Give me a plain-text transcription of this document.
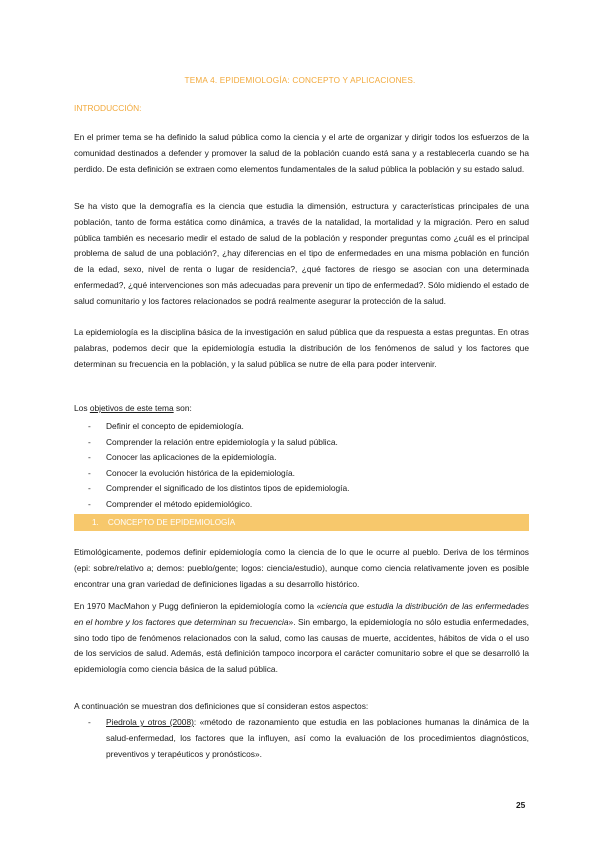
TEMA 4. EPIDEMIOLOGÍA: CONCEPTO Y APLICACIONES.
INTRODUCCIÓN:

En el primer tema se ha definido la salud pública como la ciencia y el arte de organizar y dirigir todos los esfuerzos de la comunidad destinados a defender y promover la salud de la población cuando está sana y a restablecerla cuando se ha perdido. De esta definición se extraen como elementos fundamentales de la salud pública la población y su estado salud.

Se ha visto que la demografía es la ciencia que estudia la dimensión, estructura y características principales de una población, tanto de forma estática como dinámica, a través de la natalidad, la mortalidad y la migración. Pero en salud pública también es necesario medir el estado de salud de la población y responder preguntas como ¿cuál es el principal problema de salud de una población?, ¿hay diferencias en el tipo de enfermedades en una misma población en función de la edad, sexo, nivel de renta o lugar de residencia?, ¿qué factores de riesgo se asocian con una determinada enfermedad?, ¿qué intervenciones son más adecuadas para prevenir un tipo de enfermedad?. Sólo midiendo el estado de salud comunitario y los factores relacionados se podrá realmente asegurar la protección de la salud.

La epidemiología es la disciplina básica de la investigación en salud pública que da respuesta a estas preguntas. En otras palabras, podemos decir que la epidemiología estudia la distribución de los fenómenos de salud y los factores que determinan su frecuencia en la población, y la salud pública se nutre de ella para poder intervenir.

Los objetivos de este tema son:
- Definir el concepto de epidemiología.
- Comprender la relación entre epidemiología y la salud pública.
- Conocer las aplicaciones de la epidemiología.
- Conocer la evolución histórica de la epidemiología.
- Comprender el significado de los distintos tipos de epidemiología.
- Comprender el método epidemiológico.
1.    CONCEPTO DE EPIDEMIOLOGÍA

Etimológicamente, podemos definir epidemiología como la ciencia de lo que le ocurre al pueblo. Deriva de los términos (epi: sobre/relativo a; demos: pueblo/gente; logos: ciencia/estudio), aunque como ciencia relativamente joven es posible encontrar una gran variedad de definiciones ligadas a su desarrollo histórico.

En 1970 MacMahon y Pugg definieron la epidemiología como la «ciencia que estudia la distribución de las enfermedades en el hombre y los factores que determinan su frecuencia». Sin embargo, la epidemiología no sólo estudia enfermedades, sino todo tipo de fenómenos relacionados con la salud, como las causas de muerte, accidentes, hábitos de vida o el uso de los servicios de salud. Además, está definición tampoco incorpora el carácter comunitario sobre el que se desarrolló la epidemiología como ciencia básica de la salud pública.

A continuación se muestran dos definiciones que sí consideran estos aspectos:

- Piedrola y otros (2008): «método de razonamiento que estudia en las poblaciones humanas la dinámica de la salud-enfermedad, los factores que la influyen, así como la evaluación de los procedimientos diagnósticos, preventivos y terapéuticos y pronósticos».
25
